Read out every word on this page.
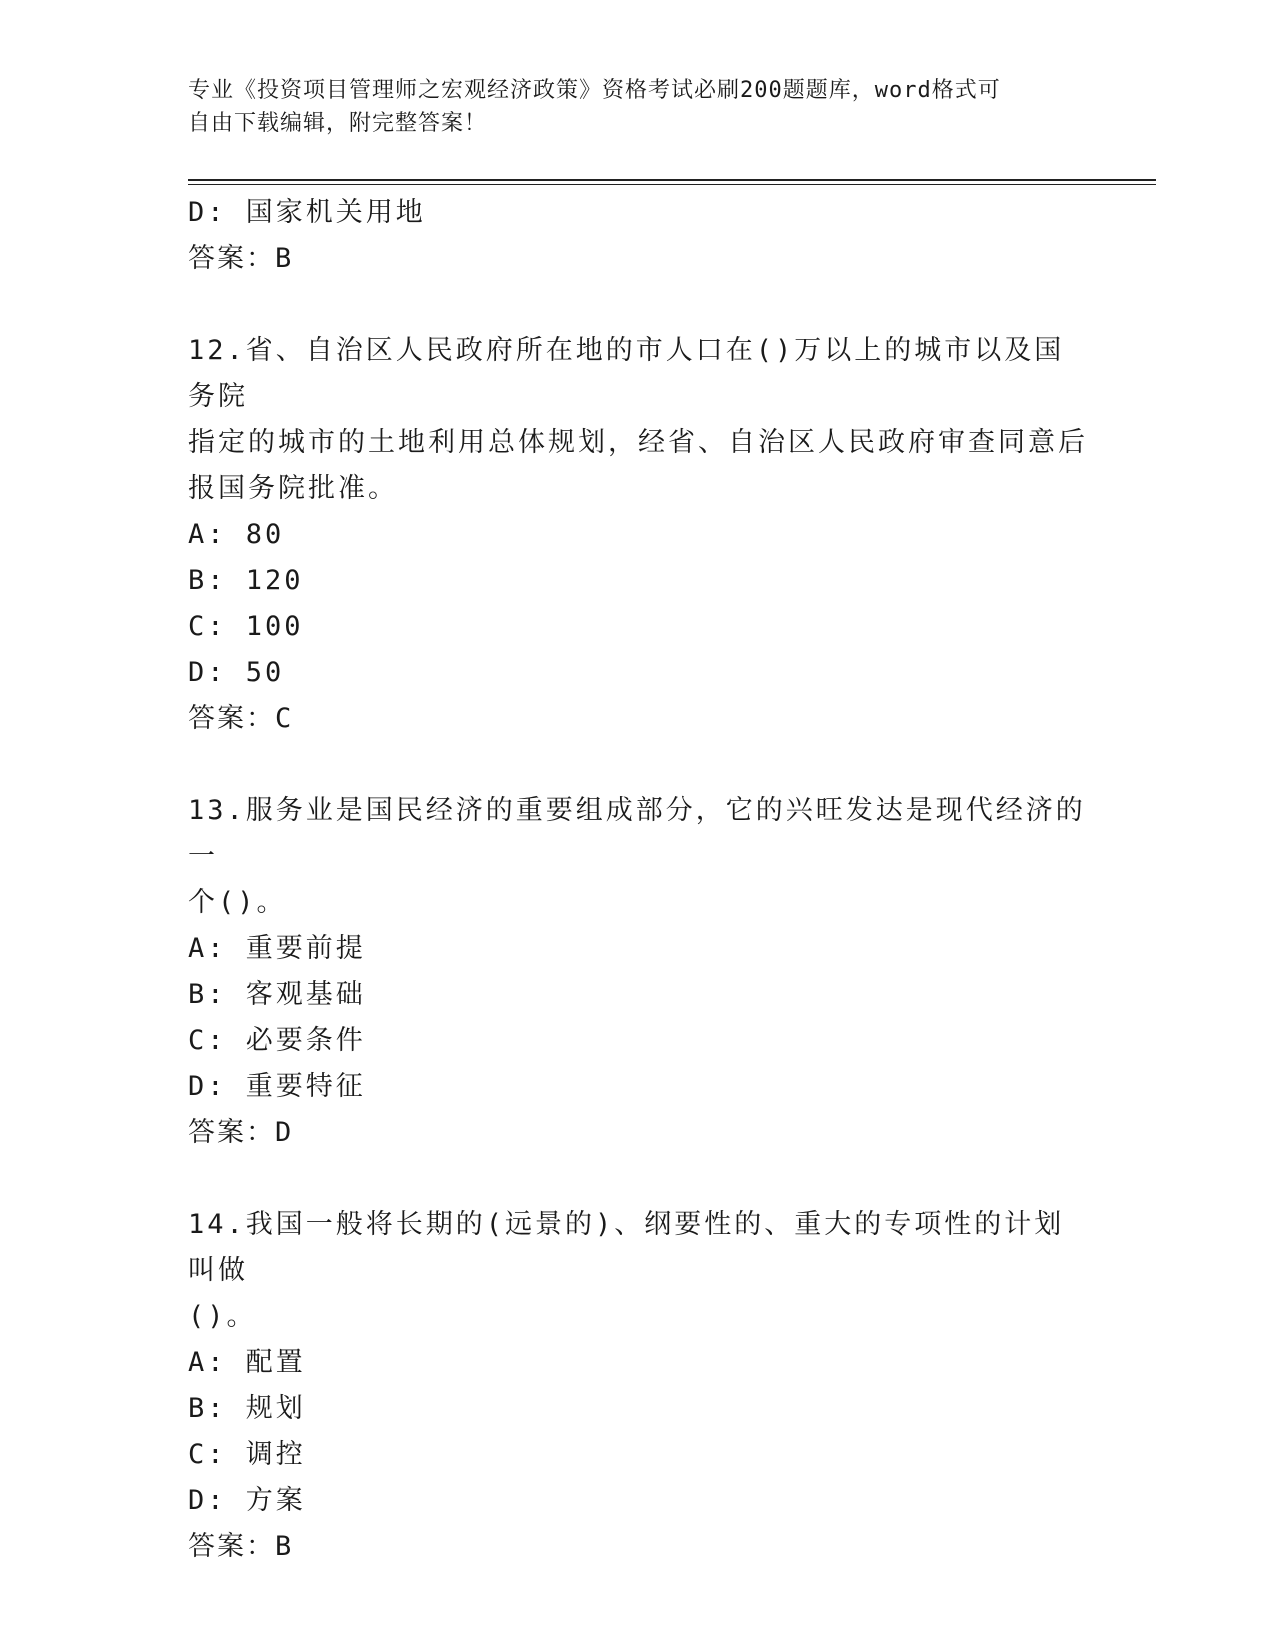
专业《投资项目管理师之宏观经济政策》资格考试必刷200题题库，word格式可
自由下载编辑，附完整答案！
D: 国家机关用地
答案：B
12.省、自治区人民政府所在地的市人口在()万以上的城市以及国务院
指定的城市的土地利用总体规划，经省、自治区人民政府审查同意后
报国务院批准。
A: 80
B: 120
C: 100
D: 50
答案：C
13.服务业是国民经济的重要组成部分，它的兴旺发达是现代经济的一
个()。
A: 重要前提
B: 客观基础
C: 必要条件
D: 重要特征
答案：D
14.我国一般将长期的(远景的)、纲要性的、重大的专项性的计划叫做
()。
A: 配置
B: 规划
C: 调控
D: 方案
答案：B
